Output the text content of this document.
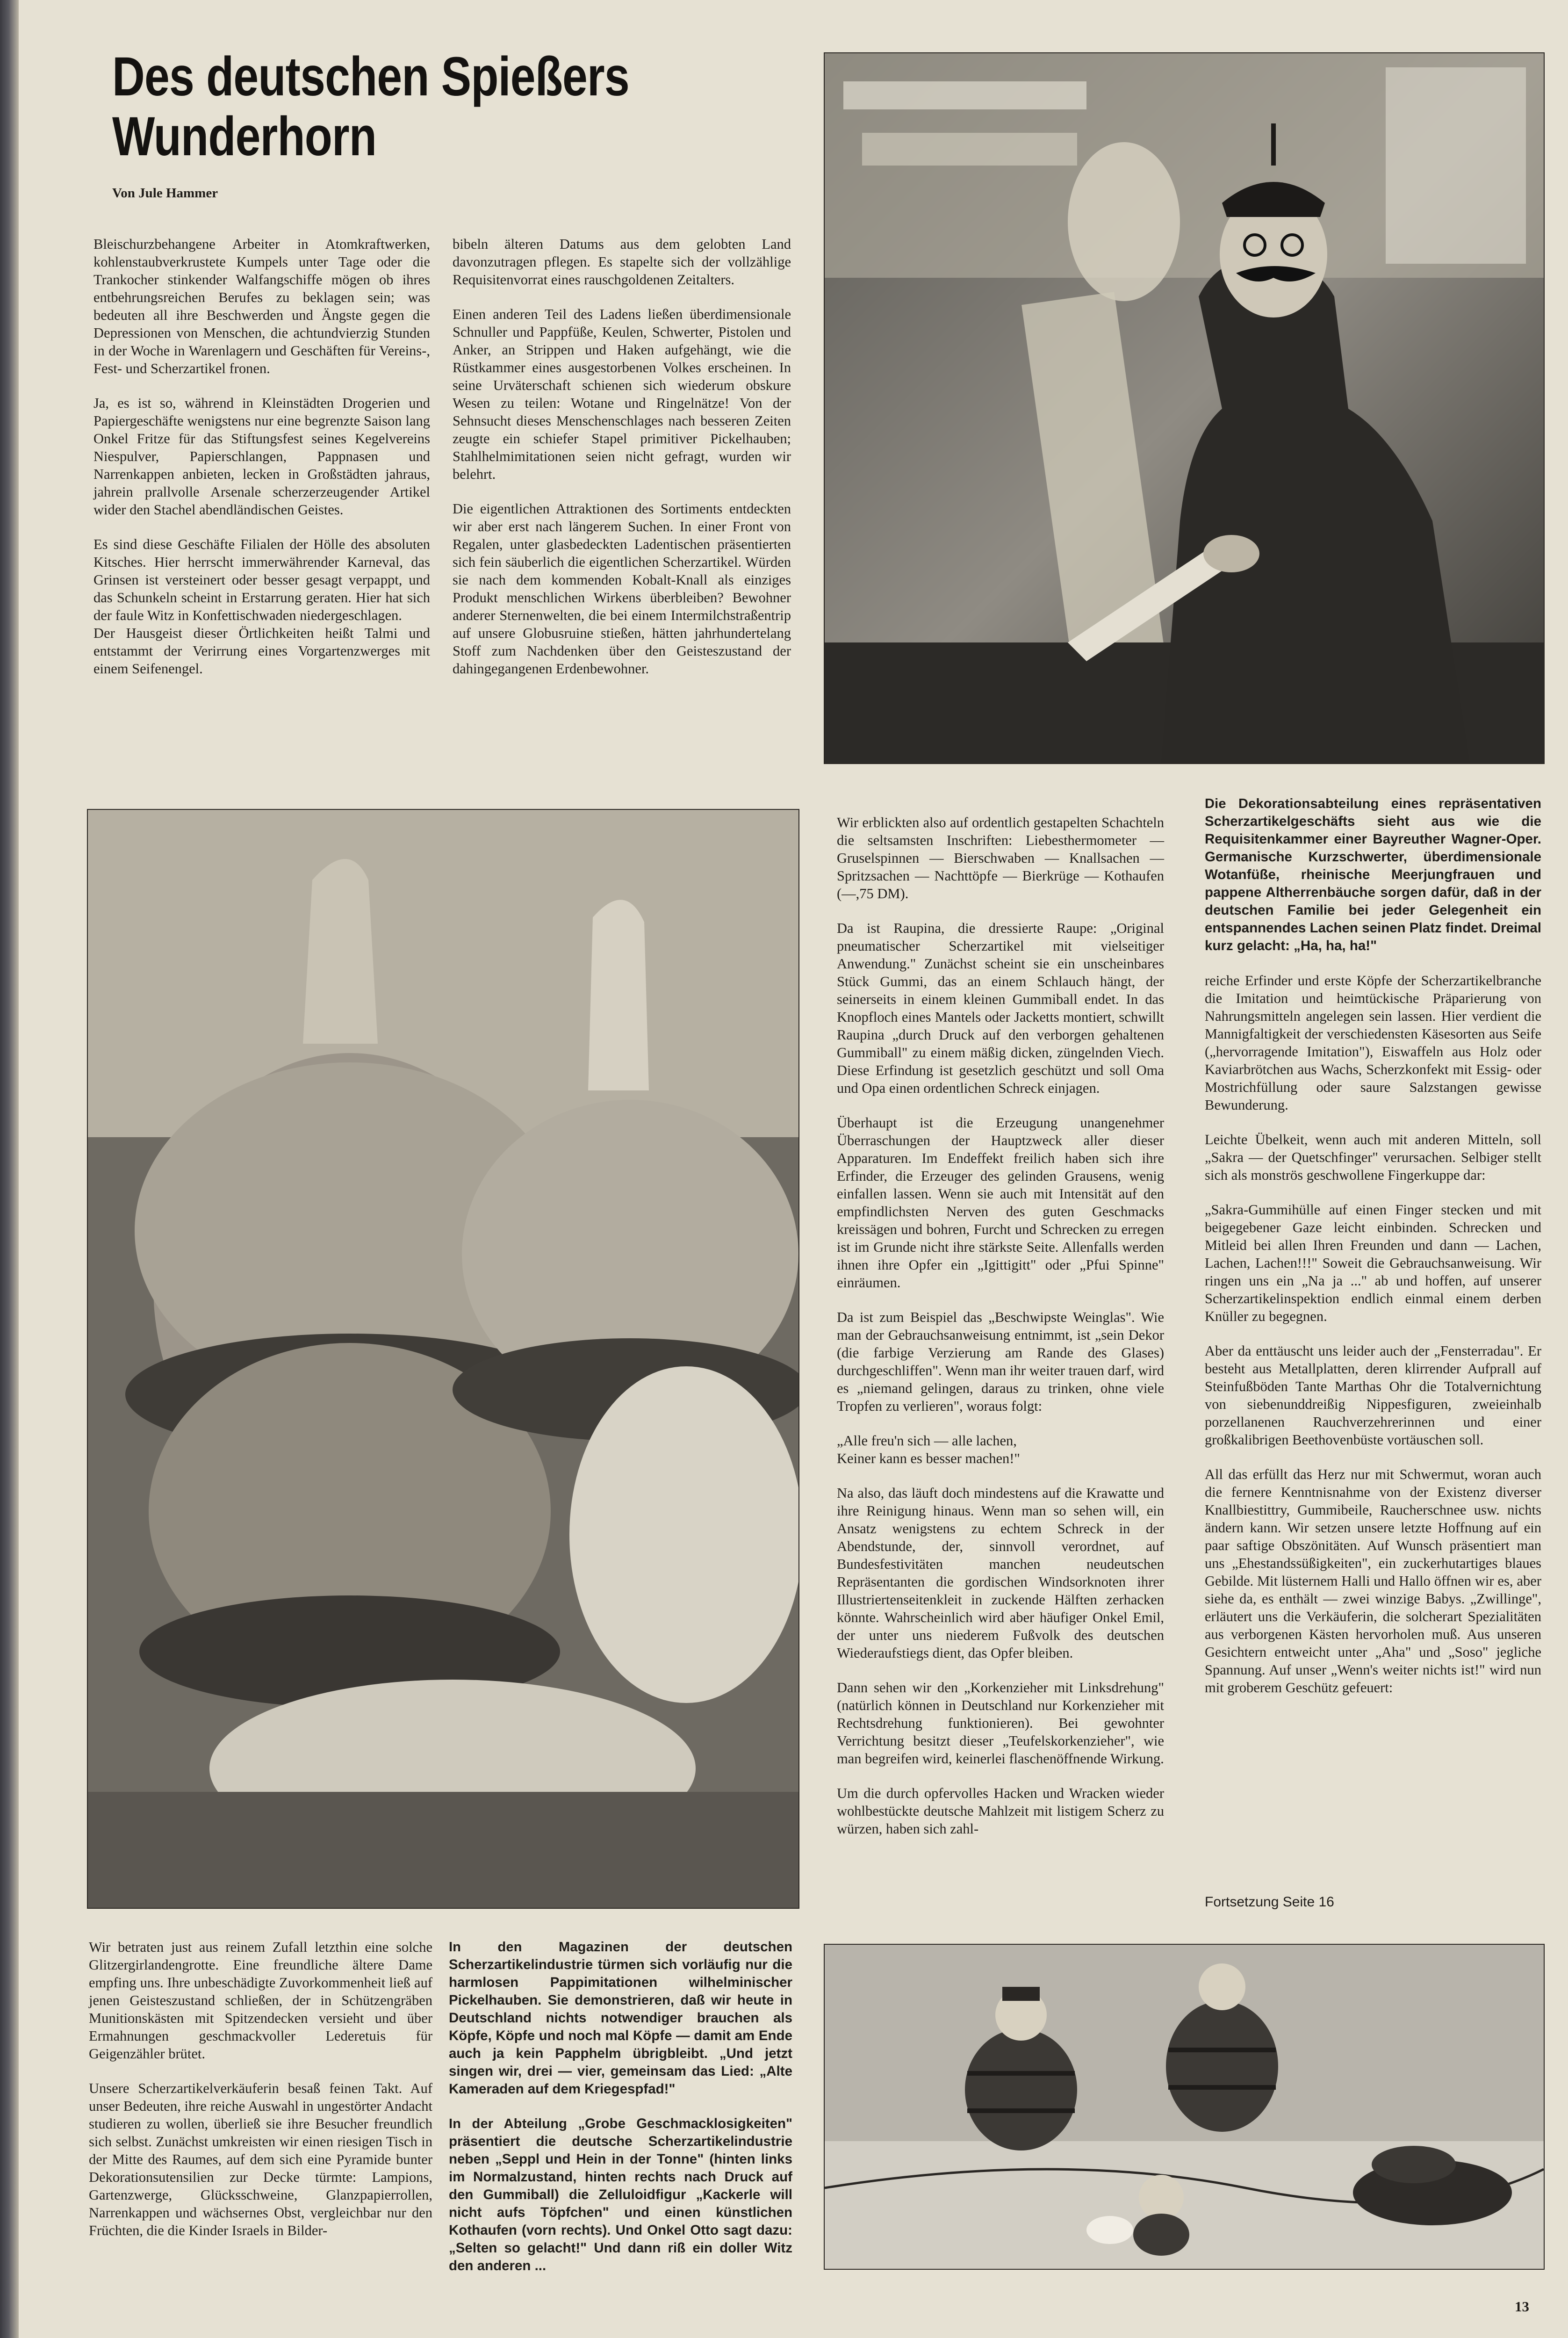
Des deutschen Spießers
Wunderhorn

Von Jule Hammer

Bleischurzbehangene Arbeiter in Atomkraftwerken, kohlenstaubverkrustete Kumpels unter Tage oder die Trankocher stinkender Walfangschiffe mögen ob ihres entbehrungsreichen Berufes zu beklagen sein; was bedeuten all ihre Beschwerden und Ängste gegen die Depressionen von Menschen, die achtundvierzig Stunden in der Woche in Warenlagern und Geschäften für Vereins-, Fest- und Scherzartikel fronen.

Ja, es ist so, während in Kleinstädten Drogerien und Papiergeschäfte wenigstens nur eine begrenzte Saison lang Onkel Fritze für das Stiftungsfest seines Kegelvereins Niespulver, Papierschlangen, Pappnasen und Narrenkappen anbieten, lecken in Großstädten jahraus, jahrein prallvolle Arsenale scherzerzeugender Artikel wider den Stachel abendländischen Geistes.

Es sind diese Geschäfte Filialen der Hölle des absoluten Kitsches. Hier herrscht immerwährender Karneval, das Grinsen ist versteinert oder besser gesagt verpappt, und das Schunkeln scheint in Erstarrung geraten. Hier hat sich der faule Witz in Konfettischwaden niedergeschlagen.

Der Hausgeist dieser Örtlichkeiten heißt Talmi und entstammt der Verirrung eines Vorgartenzwerges mit einem Seifenengel.

bibeln älteren Datums aus dem gelobten Land davonzutragen pflegen. Es stapelte sich der vollzählige Requisitenvorrat eines rauschgoldenen Zeitalters.

Einen anderen Teil des Ladens ließen überdimensionale Schnuller und Pappfüße, Keulen, Schwerter, Pistolen und Anker, an Strippen und Haken aufgehängt, wie die Rüstkammer eines ausgestorbenen Volkes erscheinen. In seine Urväterschaft schienen sich wiederum obskure Wesen zu teilen: Wotane und Ringelnätze! Von der Sehnsucht dieses Menschenschlages nach besseren Zeiten zeugte ein schiefer Stapel primitiver Pickelhauben; Stahlhelmimitationen seien nicht gefragt, wurden wir belehrt.

Die eigentlichen Attraktionen des Sortiments entdeckten wir aber erst nach längerem Suchen. In einer Front von Regalen, unter glasbedeckten Ladentischen präsentierten sich fein säuberlich die eigentlichen Scherzartikel. Würden sie nach dem kommenden Kobalt-Knall als einziges Produkt menschlichen Wirkens überbleiben? Bewohner anderer Sternenwelten, die bei einem Intermilchstraßentrip auf unsere Globusruine stießen, hätten jahrhundertelang Stoff zum Nachdenken über den Geisteszustand der dahingegangenen Erdenbewohner.

Wir erblickten also auf ordentlich gestapelten Schachteln die seltsamsten Inschriften: Liebesthermometer — Gruselspinnen — Bierschwaben — Knallsachen — Spritzsachen — Nachttöpfe — Bierkrüge — Kothaufen (—,75 DM).

Da ist Raupina, die dressierte Raupe: „Original pneumatischer Scherzartikel mit vielseitiger Anwendung." Zunächst scheint sie ein unscheinbares Stück Gummi, das an einem Schlauch hängt, der seinerseits in einem kleinen Gummiball endet. In das Knopfloch eines Mantels oder Jacketts montiert, schwillt Raupina „durch Druck auf den verborgen gehaltenen Gummiball" zu einem mäßig dicken, züngelnden Viech. Diese Erfindung ist gesetzlich geschützt und soll Oma und Opa einen ordentlichen Schreck einjagen.

Überhaupt ist die Erzeugung unangenehmer Überraschungen der Hauptzweck aller dieser Apparaturen. Im Endeffekt freilich haben sich ihre Erfinder, die Erzeuger des gelinden Grausens, wenig einfallen lassen. Wenn sie auch mit Intensität auf den empfindlichsten Nerven des guten Geschmacks kreissägen und bohren, Furcht und Schrecken zu erregen ist im Grunde nicht ihre stärkste Seite. Allenfalls werden ihnen ihre Opfer ein „Igittigitt" oder „Pfui Spinne" einräumen.

Da ist zum Beispiel das „Beschwipste Weinglas". Wie man der Gebrauchsanweisung entnimmt, ist „sein Dekor (die farbige Verzierung am Rande des Glases) durchgeschliffen". Wenn man ihr weiter trauen darf, wird es „niemand gelingen, daraus zu trinken, ohne viele Tropfen zu verlieren", woraus folgt:

„Alle freu'n sich — alle lachen,
Keiner kann es besser machen!"

Na also, das läuft doch mindestens auf die Krawatte und ihre Reinigung hinaus. Wenn man so sehen will, ein Ansatz wenigstens zu echtem Schreck in der Abendstunde, der, sinnvoll verordnet, auf Bundesfestivitäten manchen neudeutschen Repräsentanten die gordischen Windsorknoten ihrer Illustriertenseitenkleit in zuckende Hälften zerhacken könnte. Wahrscheinlich wird aber häufiger Onkel Emil, der unter uns niederem Fußvolk des deutschen Wiederaufstiegs dient, das Opfer bleiben.

Dann sehen wir den „Korkenzieher mit Linksdrehung" (natürlich können in Deutschland nur Korkenzieher mit Rechtsdrehung funktionieren). Bei gewohnter Verrichtung besitzt dieser „Teufelskorkenzieher", wie man begreifen wird, keinerlei flaschenöffnende Wirkung.

Um die durch opfervolles Hacken und Wracken wieder wohlbestückte deutsche Mahlzeit mit listigem Scherz zu würzen, haben sich zahl-

Die Dekorationsabteilung eines repräsentativen Scherzartikelgeschäfts sieht aus wie die Requisitenkammer einer Bayreuther Wagner-Oper. Germanische Kurzschwerter, überdimensionale Wotanfüße, rheinische Meerjungfrauen und pappene Altherrenbäuche sorgen dafür, daß in der deutschen Familie bei jeder Gelegenheit ein entspannendes Lachen seinen Platz findet. Dreimal kurz gelacht: „Ha, ha, ha!"

reiche Erfinder und erste Köpfe der Scherzartikelbranche die Imitation und heimtückische Präparierung von Nahrungsmitteln angelegen sein lassen. Hier verdient die Mannigfaltigkeit der verschiedensten Käsesorten aus Seife („hervorragende Imitation"), Eiswaffeln aus Holz oder Kaviarbrötchen aus Wachs, Scherzkonfekt mit Essig- oder Mostrichfüllung oder saure Salzstangen gewisse Bewunderung.

Leichte Übelkeit, wenn auch mit anderen Mitteln, soll „Sakra — der Quetschfinger" verursachen. Selbiger stellt sich als monströs geschwollene Fingerkuppe dar:

„Sakra-Gummihülle auf einen Finger stecken und mit beigegebener Gaze leicht einbinden. Schrecken und Mitleid bei allen Ihren Freunden und dann — Lachen, Lachen, Lachen!!!" Soweit die Gebrauchsanweisung. Wir ringen uns ein „Na ja ..." ab und hoffen, auf unserer Scherzartikelinspektion endlich einmal einem derben Knüller zu begegnen.

Aber da enttäuscht uns leider auch der „Fensterradau". Er besteht aus Metallplatten, deren klirrender Aufprall auf Steinfußböden Tante Marthas Ohr die Totalvernichtung von siebenunddreißig Nippesfiguren, zweieinhalb porzellanenen Rauchverzehrerinnen und einer großkalibrigen Beethovenbüste vortäuschen soll.

All das erfüllt das Herz nur mit Schwermut, woran auch die fernere Kenntnisnahme von der Existenz diverser Knallbiestittry, Gummibeile, Raucherschnee usw. nichts ändern kann. Wir setzen unsere letzte Hoffnung auf ein paar saftige Obszönitäten. Auf Wunsch präsentiert man uns „Ehestandssüßigkeiten", ein zuckerhutartiges blaues Gebilde. Mit lüsternem Halli und Hallo öffnen wir es, aber siehe da, es enthält — zwei winzige Babys. „Zwillinge", erläutert uns die Verkäuferin, die solcherart Spezialitäten aus verborgenen Kästen hervorholen muß. Aus unseren Gesichtern entweicht unter „Aha" und „Soso" jegliche Spannung. Auf unser „Wenn's weiter nichts ist!" wird nun mit groberem Geschütz gefeuert:

Fortsetzung Seite 16

Wir betraten just aus reinem Zufall letzthin eine solche Glitzergirlandengrotte. Eine freundliche ältere Dame empfing uns. Ihre unbeschädigte Zuvorkommenheit ließ auf jenen Geisteszustand schließen, der in Schützengräben Munitionskästen mit Spitzendecken versieht und über Ermahnungen geschmackvoller Lederetuis für Geigenzähler brütet.

Unsere Scherzartikelverkäuferin besaß feinen Takt. Auf unser Bedeuten, ihre reiche Auswahl in ungestörter Andacht studieren zu wollen, überließ sie ihre Besucher freundlich sich selbst. Zunächst umkreisten wir einen riesigen Tisch in der Mitte des Raumes, auf dem sich eine Pyramide bunter Dekorationsutensilien zur Decke türmte: Lampions, Gartenzwerge, Glücksschweine, Glanzpapierrollen, Narrenkappen und wächsernes Obst, vergleichbar nur den Früchten, die die Kinder Israels in Bilder-

In den Magazinen der deutschen Scherzartikelindustrie türmen sich vorläufig nur die harmlosen Pappimitationen wilhelminischer Pickelhauben. Sie demonstrieren, daß wir heute in Deutschland nichts notwendiger brauchen als Köpfe, Köpfe und noch mal Köpfe — damit am Ende auch ja kein Papphelm übrigbleibt. „Und jetzt singen wir, drei — vier, gemeinsam das Lied: „Alte Kameraden auf dem Kriegespfad!"

In der Abteilung „Grobe Geschmacklosigkeiten" präsentiert die deutsche Scherzartikelindustrie neben „Seppl und Hein in der Tonne" (hinten links im Normalzustand, hinten rechts nach Druck auf den Gummiball) die Zelluloidfigur „Kackerle will nicht aufs Töpfchen" und einen künstlichen Kothaufen (vorn rechts). Und Onkel Otto sagt dazu: „Selten so gelacht!" Und dann riß ein doller Witz den anderen ...

13
